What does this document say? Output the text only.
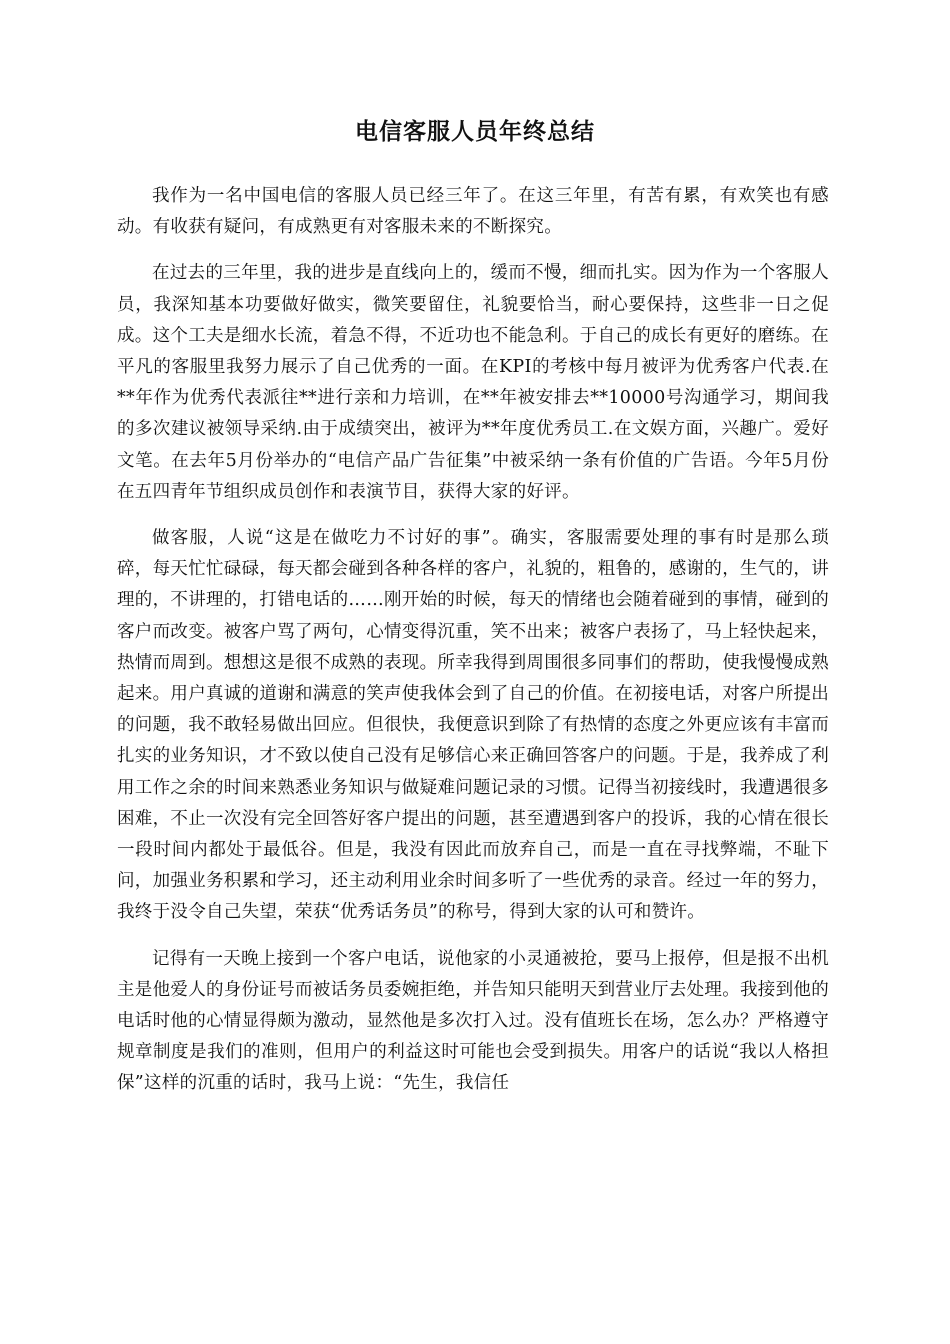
电信客服人员年终总结

我作为一名中国电信的客服人员已经三年了。在这三年里，有苦有累，有欢笑也有感动。有收获有疑问，有成熟更有对客服未来的不断探究。

在过去的三年里，我的进步是直线向上的，缓而不慢，细而扎实。因为作为一个客服人员，我深知基本功要做好做实，微笑要留住，礼貌要恰当，耐心要保持，这些非一日之促成。这个工夫是细水长流，着急不得，不近功也不能急利。于自己的成长有更好的磨练。在平凡的客服里我努力展示了自己优秀的一面。在KPI的考核中每月被评为优秀客户代表.在**年作为优秀代表派往**进行亲和力培训，在**年被安排去**10000号沟通学习，期间我的多次建议被领导采纳.由于成绩突出，被评为**年度优秀员工.在文娱方面，兴趣广。爱好文笔。在去年5月份举办的“电信产品广告征集”中被采纳一条有价值的广告语。今年5月份在五四青年节组织成员创作和表演节目，获得大家的好评。

做客服，人说“这是在做吃力不讨好的事”。确实，客服需要处理的事有时是那么琐碎，每天忙忙碌碌，每天都会碰到各种各样的客户，礼貌的，粗鲁的，感谢的，生气的，讲理的，不讲理的，打错电话的……刚开始的时候，每天的情绪也会随着碰到的事情，碰到的客户而改变。被客户骂了两句，心情变得沉重，笑不出来；被客户表扬了，马上轻快起来，热情而周到。想想这是很不成熟的表现。所幸我得到周围很多同事们的帮助，使我慢慢成熟起来。用户真诚的道谢和满意的笑声使我体会到了自己的价值。在初接电话，对客户所提出的问题，我不敢轻易做出回应。但很快，我便意识到除了有热情的态度之外更应该有丰富而扎实的业务知识，才不致以使自己没有足够信心来正确回答客户的问题。于是，我养成了利用工作之余的时间来熟悉业务知识与做疑难问题记录的习惯。记得当初接线时，我遭遇很多困难，不止一次没有完全回答好客户提出的问题，甚至遭遇到客户的投诉，我的心情在很长一段时间内都处于最低谷。但是，我没有因此而放弃自己，而是一直在寻找弊端，不耻下问，加强业务积累和学习，还主动利用业余时间多听了一些优秀的录音。经过一年的努力，我终于没令自己失望，荣获“优秀话务员”的称号，得到大家的认可和赞许。

记得有一天晚上接到一个客户电话，说他家的小灵通被抢，要马上报停，但是报不出机主是他爱人的身份证号而被话务员委婉拒绝，并告知只能明天到营业厅去处理。我接到他的电话时他的心情显得颇为激动，显然他是多次打入过。没有值班长在场，怎么办？严格遵守规章制度是我们的准则，但用户的利益这时可能也会受到损失。用客户的话说“我以人格担保”这样的沉重的话时，我马上说：“先生，我信任
